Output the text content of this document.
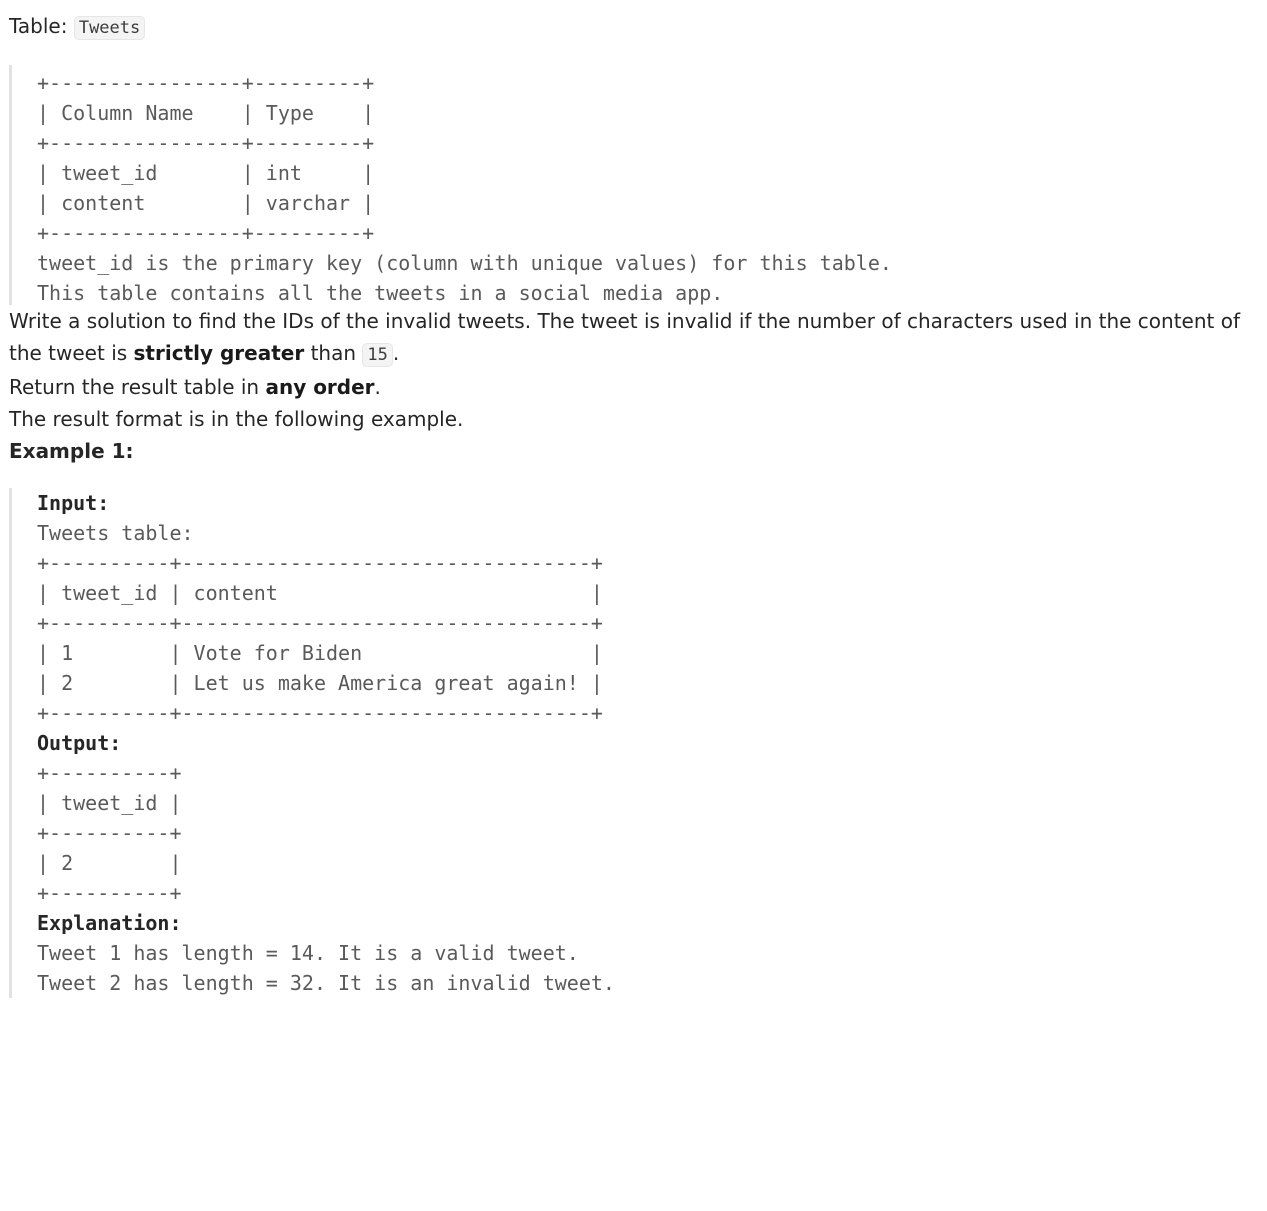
Table: Tweets

+----------------+---------+
| Column Name    | Type    |
+----------------+---------+
| tweet_id       | int     |
| content        | varchar |
+----------------+---------+
tweet_id is the primary key (column with unique values) for this table.
This table contains all the tweets in a social media app.

Write a solution to find the IDs of the invalid tweets. The tweet is invalid if the number of characters used in the content of the tweet is strictly greater than 15 .

Return the result table in any order.

The result format is in the following example.

Example 1:

Input:
Tweets table:
+----------+----------------------------------+
| tweet_id | content                          |
+----------+----------------------------------+
| 1        | Vote for Biden                   |
| 2        | Let us make America great again! |
+----------+----------------------------------+
Output:
+----------+
| tweet_id |
+----------+
| 2        |
+----------+
Explanation:
Tweet 1 has length = 14. It is a valid tweet.
Tweet 2 has length = 32. It is an invalid tweet.
